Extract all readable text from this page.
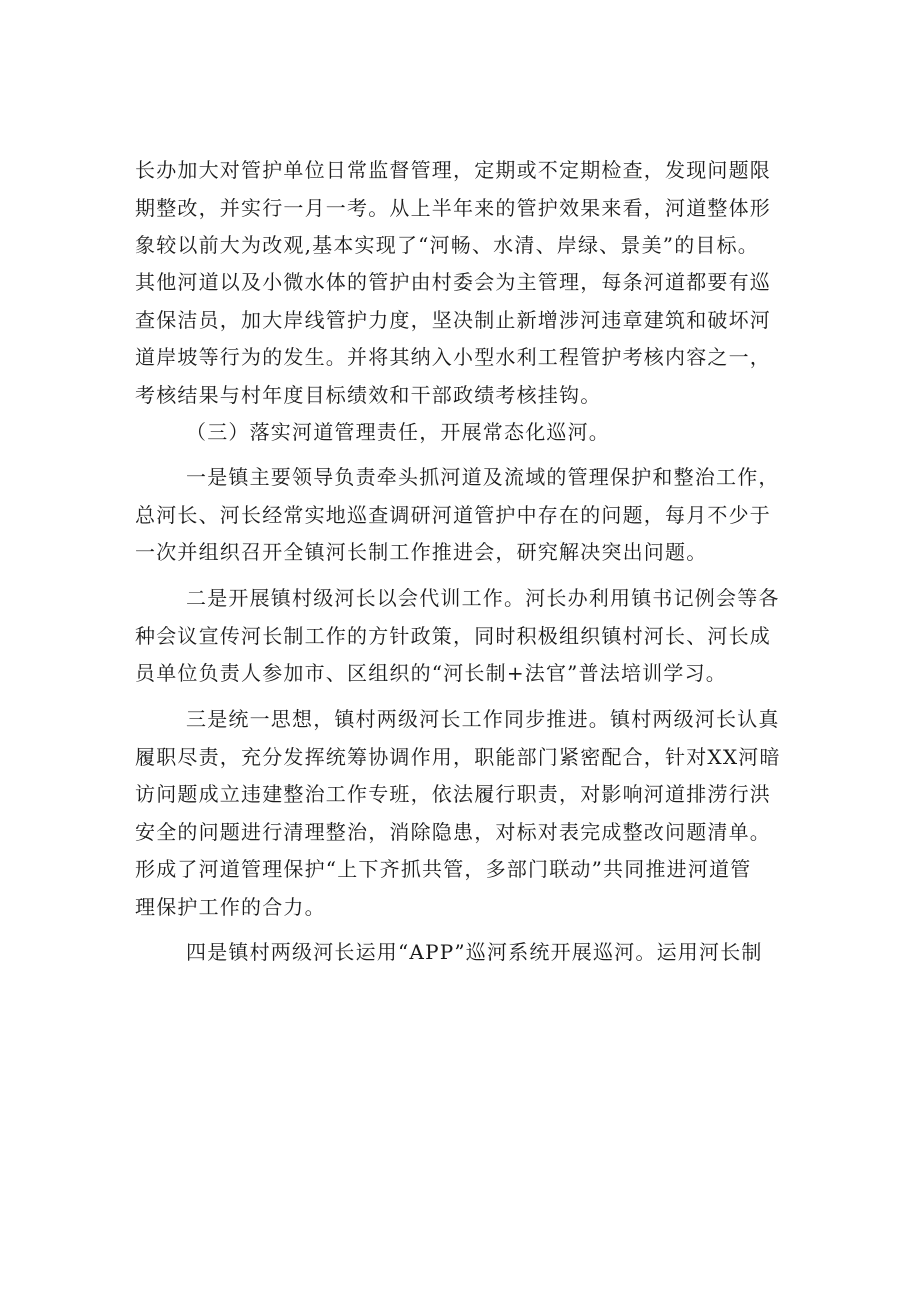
长办加大对管护单位日常监督管理，定期或不定期检查，发现问题限
期整改，并实行一月一考。从上半年来的管护效果来看，河道整体形
象较以前大为改观,基本实现了“河畅、水清、岸绿、景美”的目标。
其他河道以及小微水体的管护由村委会为主管理，每条河道都要有巡
查保洁员，加大岸线管护力度，坚决制止新增涉河违章建筑和破坏河
道岸坡等行为的发生。并将其纳入小型水利工程管护考核内容之一，
考核结果与村年度目标绩效和干部政绩考核挂钩。
（三）落实河道管理责任，开展常态化巡河。
一是镇主要领导负责牵头抓河道及流域的管理保护和整治工作，
总河长、河长经常实地巡查调研河道管护中存在的问题，每月不少于
一次并组织召开全镇河长制工作推进会，研究解决突出问题。
二是开展镇村级河长以会代训工作。河长办利用镇书记例会等各
种会议宣传河长制工作的方针政策，同时积极组织镇村河长、河长成
员单位负责人参加市、区组织的“河长制+法官”普法培训学习。
三是统一思想，镇村两级河长工作同步推进。镇村两级河长认真
履职尽责，充分发挥统筹协调作用，职能部门紧密配合，针对XX河暗
访问题成立违建整治工作专班，依法履行职责，对影响河道排涝行洪
安全的问题进行清理整治，消除隐患，对标对表完成整改问题清单。
形成了河道管理保护“上下齐抓共管，多部门联动”共同推进河道管
理保护工作的合力。
四是镇村两级河长运用“APP”巡河系统开展巡河。运用河长制
